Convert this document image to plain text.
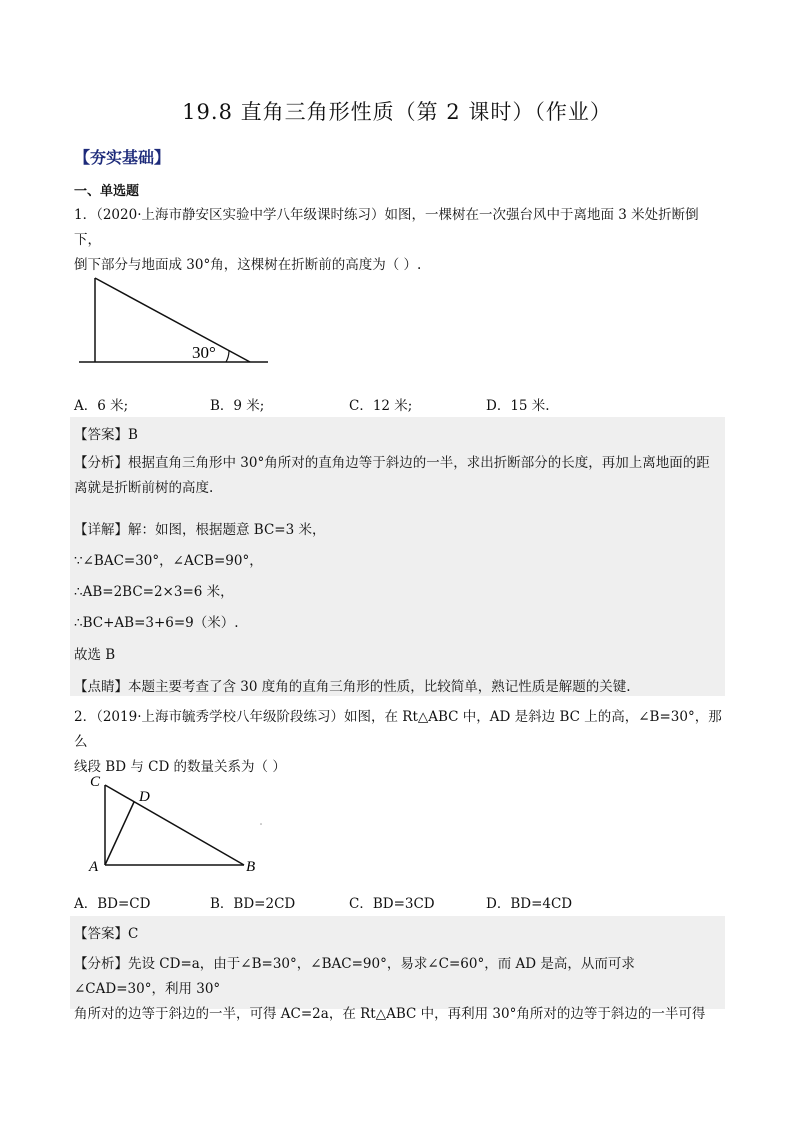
19.8 直角三角形性质（第 2 课时）（作业）
【夯实基础】
一、单选题
1．（2020·上海市静安区实验中学八年级课时练习）如图，一棵树在一次强台风中于离地面 3 米处折断倒下，
倒下部分与地面成 30°角，这棵树在折断前的高度为（ ）.
30°
A．6 米;	B．9 米;	C．12 米;	D．15 米.
【答案】B
【分析】根据直角三角形中 30°角所对的直角边等于斜边的一半，求出折断部分的长度，再加上离地面的距
离就是折断前树的高度.
【详解】解：如图，根据题意 BC=3 米，
∵∠BAC=30°，∠ACB=90°，
∴AB=2BC=2×3=6 米，
∴BC+AB=3+6=9（米）.
故选 B
【点睛】本题主要考查了含 30 度角的直角三角形的性质，比较简单，熟记性质是解题的关键.
2．（2019·上海市毓秀学校八年级阶段练习）如图，在 Rt△ABC 中，AD 是斜边 BC 上的高，∠B=30°，那么
线段 BD 与 CD 的数量关系为（ ）
C
D
A	B
A．BD=CD	B．BD=2CD	C．BD=3CD	D．BD=4CD
【答案】C
【分析】先设 CD=a，由于∠B=30°，∠BAC=90°，易求∠C=60°，而 AD 是高，从而可求∠CAD=30°，利用 30°
角所对的边等于斜边的一半，可得 AC=2a，在 Rt△ABC 中，再利用 30°角所对的边等于斜边的一半可得
